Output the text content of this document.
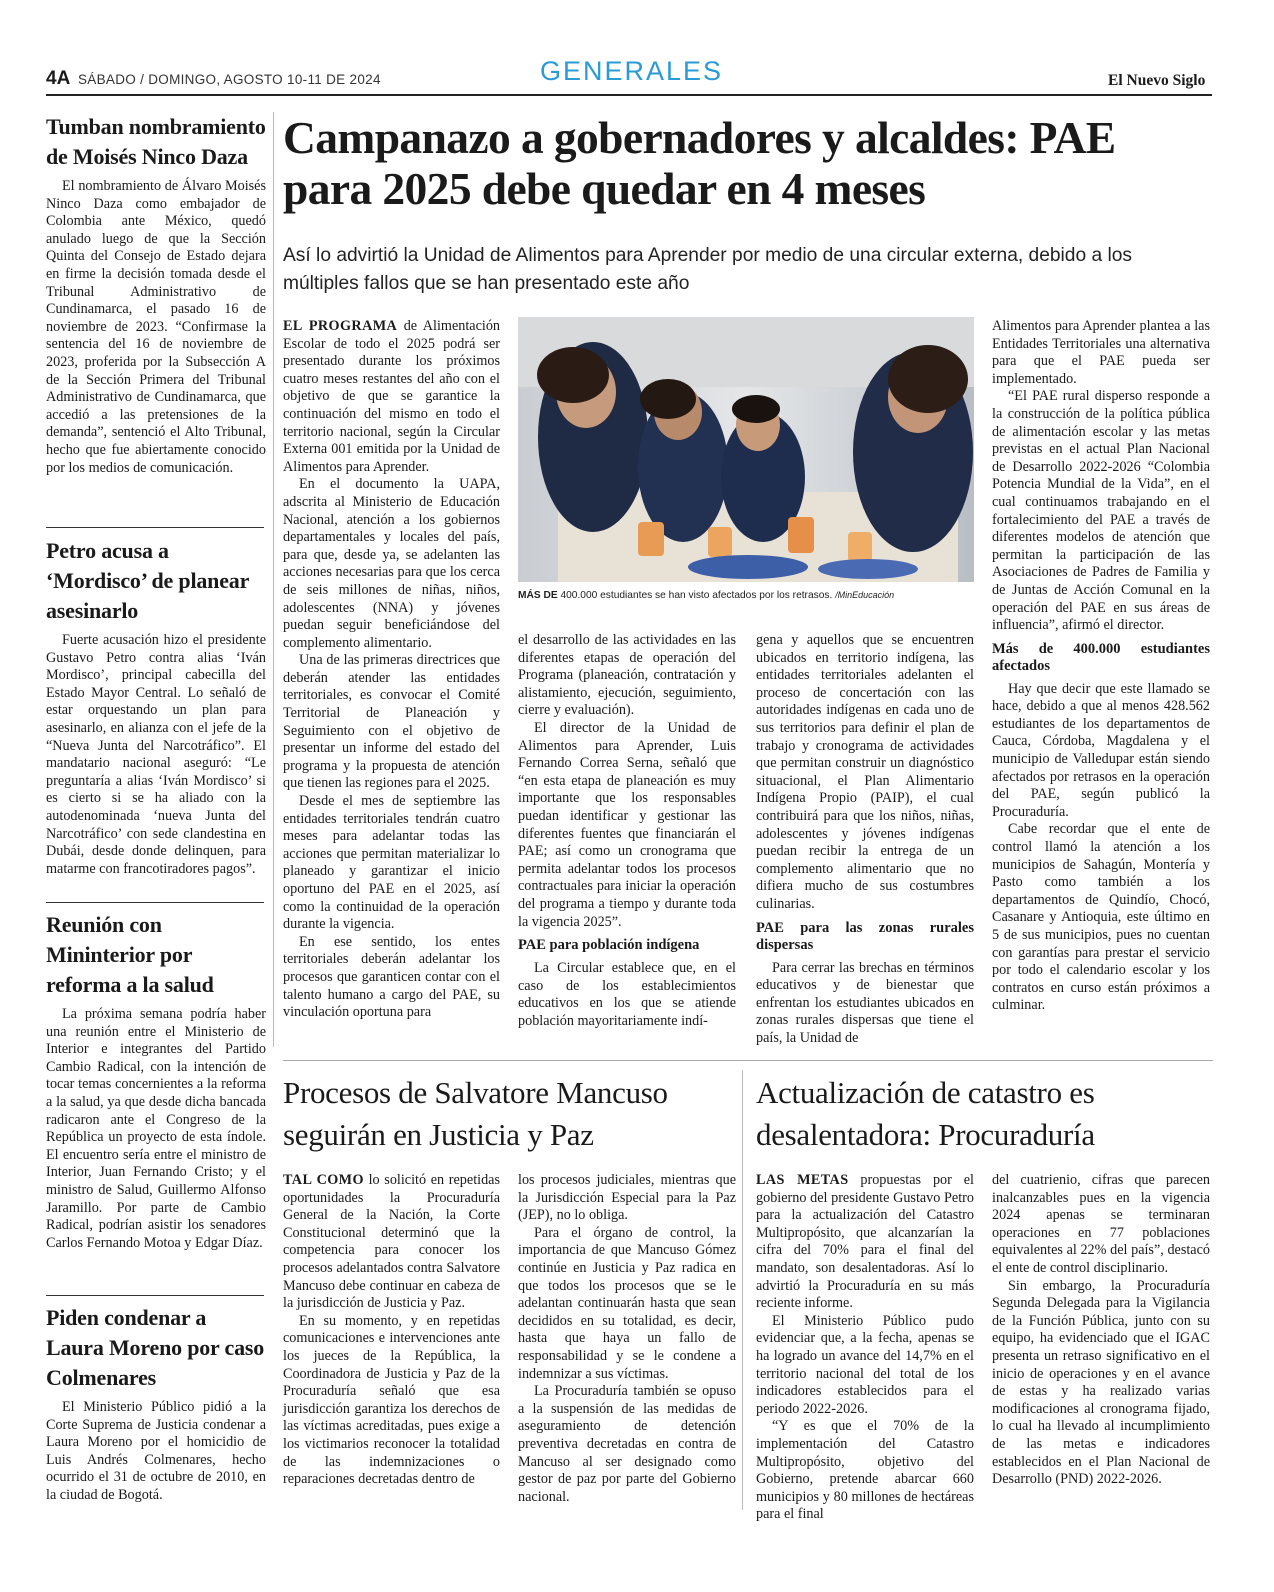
4A SÁBADO / DOMINGO, AGOSTO 10-11 DE 2024	GENERALES	El Nuevo Siglo
Tumban nombramiento de Moisés Ninco Daza

El nombramiento de Álvaro Moisés Ninco Daza como embajador de Colombia ante México, quedó anulado luego de que la Sección Quinta del Consejo de Estado dejara en firme la decisión tomada desde el Tribunal Administrativo de Cundinamarca, el pasado 16 de noviembre de 2023. “Confirmase la sentencia del 16 de noviembre de 2023, proferida por la Subsección A de la Sección Primera del Tribunal Administrativo de Cundinamarca, que accedió a las pretensiones de la demanda”, sentenció el Alto Tribunal, hecho que fue abiertamente conocido por los medios de comunicación.

Petro acusa a ‘Mordisco’ de planear asesinarlo

Fuerte acusación hizo el presidente Gustavo Petro contra alias ‘Iván Mordisco’, principal cabecilla del Estado Mayor Central. Lo señaló de estar orquestando un plan para asesinarlo, en alianza con el jefe de la “Nueva Junta del Narcotráfico”. El mandatario nacional aseguró: “Le preguntaría a alias ‘Iván Mordisco’ si es cierto si se ha aliado con la autodenominada ‘nueva Junta del Narcotráfico’ con sede clandestina en Dubái, desde donde delinquen, para matarme con francotiradores pagos”.

Reunión con Mininterior por reforma a la salud

La próxima semana podría haber una reunión entre el Ministerio de Interior e integrantes del Partido Cambio Radical, con la intención de tocar temas concernientes a la reforma a la salud, ya que desde dicha bancada radicaron ante el Congreso de la República un proyecto de esta índole. El encuentro sería entre el ministro de Interior, Juan Fernando Cristo; y el ministro de Salud, Guillermo Alfonso Jaramillo. Por parte de Cambio Radical, podrían asistir los senadores Carlos Fernando Motoa y Edgar Díaz.

Piden condenar a Laura Moreno por caso Colmenares

El Ministerio Público pidió a la Corte Suprema de Justicia condenar a Laura Moreno por el homicidio de Luis Andrés Colmenares, hecho ocurrido el 31 de octubre de 2010, en la ciudad de Bogotá.

Campanazo a gobernadores y alcaldes: PAE para 2025 debe quedar en 4 meses
Así lo advirtió la Unidad de Alimentos para Aprender por medio de una circular externa, debido a los múltiples fallos que se han presentado este año

EL PROGRAMA de Alimentación Escolar de todo el 2025 podrá ser presentado durante los próximos cuatro meses restantes del año con el objetivo de que se garantice la continuación del mismo en todo el territorio nacional, según la Circular Externa 001 emitida por la Unidad de Alimentos para Aprender.

En el documento la UAPA, adscrita al Ministerio de Educación Nacional, atención a los gobiernos departamentales y locales del país, para que, desde ya, se adelanten las acciones necesarias para que los cerca de seis millones de niñas, niños, adolescentes (NNA) y jóvenes puedan seguir beneficiándose del complemento alimentario.

Una de las primeras directrices que deberán atender las entidades territoriales, es convocar el Comité Territorial de Planeación y Seguimiento con el objetivo de presentar un informe del estado del programa y la propuesta de atención que tienen las regiones para el 2025.

Desde el mes de septiembre las entidades territoriales tendrán cuatro meses para adelantar todas las acciones que permitan materializar lo planeado y garantizar el inicio oportuno del PAE en el 2025, así como la continuidad de la operación durante la vigencia.

En ese sentido, los entes territoriales deberán adelantar los procesos que garanticen contar con el talento humano a cargo del PAE, su vinculación oportuna para

MÁS DE 400.000 estudiantes se han visto afectados por los retrasos. /MinEducación

el desarrollo de las actividades en las diferentes etapas de operación del Programa (planeación, contratación y alistamiento, ejecución, seguimiento, cierre y evaluación).

El director de la Unidad de Alimentos para Aprender, Luis Fernando Correa Serna, señaló que “en esta etapa de planeación es muy importante que los responsables puedan identificar y gestionar las diferentes fuentes que financiarán el PAE; así como un cronograma que permita adelantar todos los procesos contractuales para iniciar la operación del programa a tiempo y durante toda la vigencia 2025”.

PAE para población indígena

La Circular establece que, en el caso de los establecimientos educativos en los que se atiende población mayoritariamente indí-

gena y aquellos que se encuentren ubicados en territorio indígena, las entidades territoriales adelanten el proceso de concertación con las autoridades indígenas en cada uno de sus territorios para definir el plan de trabajo y cronograma de actividades que permitan construir un diagnóstico situacional, el Plan Alimentario Indígena Propio (PAIP), el cual contribuirá para que los niños, niñas, adolescentes y jóvenes indígenas puedan recibir la entrega de un complemento alimentario que no difiera mucho de sus costumbres culinarias.

PAE para las zonas rurales dispersas

Para cerrar las brechas en términos educativos y de bienestar que enfrentan los estudiantes ubicados en zonas rurales dispersas que tiene el país, la Unidad de

Alimentos para Aprender plantea a las Entidades Territoriales una alternativa para que el PAE pueda ser implementado.

“El PAE rural disperso responde a la construcción de la política pública de alimentación escolar y las metas previstas en el actual Plan Nacional de Desarrollo 2022-2026 “Colombia Potencia Mundial de la Vida”, en el cual continuamos trabajando en el fortalecimiento del PAE a través de diferentes modelos de atención que permitan la participación de las Asociaciones de Padres de Familia y de Juntas de Acción Comunal en la operación del PAE en sus áreas de influencia”, afirmó el director.

Más de 400.000 estudiantes afectados

Hay que decir que este llamado se hace, debido a que al menos 428.562 estudiantes de los departamentos de Cauca, Córdoba, Magdalena y el municipio de Valledupar están siendo afectados por retrasos en la operación del PAE, según publicó la Procuraduría.

Cabe recordar que el ente de control llamó la atención a los municipios de Sahagún, Montería y Pasto como también a los departamentos de Quindío, Chocó, Casanare y Antioquia, este último en 5 de sus municipios, pues no cuentan con garantías para prestar el servicio por todo el calendario escolar y los contratos en curso están próximos a culminar.

Procesos de Salvatore Mancuso seguirán en Justicia y Paz

TAL COMO lo solicitó en repetidas oportunidades la Procuraduría General de la Nación, la Corte Constitucional determinó que la competencia para conocer los procesos adelantados contra Salvatore Mancuso debe continuar en cabeza de la jurisdicción de Justicia y Paz.

En su momento, y en repetidas comunicaciones e intervenciones ante los jueces de la República, la Coordinadora de Justicia y Paz de la Procuraduría señaló que esa jurisdicción garantiza los derechos de las víctimas acreditadas, pues exige a los victimarios reconocer la totalidad de las indemnizaciones o reparaciones decretadas dentro de

los procesos judiciales, mientras que la Jurisdicción Especial para la Paz (JEP), no lo obliga.

Para el órgano de control, la importancia de que Mancuso Gómez continúe en Justicia y Paz radica en que todos los procesos que se le adelantan continuarán hasta que sean decididos en su totalidad, es decir, hasta que haya un fallo de responsabilidad y se le condene a indemnizar a sus víctimas.

La Procuraduría también se opuso a la suspensión de las medidas de aseguramiento de detención preventiva decretadas en contra de Mancuso al ser designado como gestor de paz por parte del Gobierno nacional.

Actualización de catastro es desalentadora: Procuraduría

LAS METAS propuestas por el gobierno del presidente Gustavo Petro para la actualización del Catastro Multipropósito, que alcanzarían la cifra del 70% para el final del mandato, son desalentadoras. Así lo advirtió la Procuraduría en su más reciente informe.

El Ministerio Público pudo evidenciar que, a la fecha, apenas se ha logrado un avance del 14,7% en el territorio nacional del total de los indicadores establecidos para el periodo 2022-2026.

“Y es que el 70% de la implementación del Catastro Multipropósito, objetivo del Gobierno, pretende abarcar 660 municipios y 80 millones de hectáreas para el final

del cuatrienio, cifras que parecen inalcanzables pues en la vigencia 2024 apenas se terminaran operaciones en 77 poblaciones equivalentes al 22% del país”, destacó el ente de control disciplinario.

Sin embargo, la Procuraduría Segunda Delegada para la Vigilancia de la Función Pública, junto con su equipo, ha evidenciado que el IGAC presenta un retraso significativo en el inicio de operaciones y en el avance de estas y ha realizado varias modificaciones al cronograma fijado, lo cual ha llevado al incumplimiento de las metas e indicadores establecidos en el Plan Nacional de Desarrollo (PND) 2022-2026.
